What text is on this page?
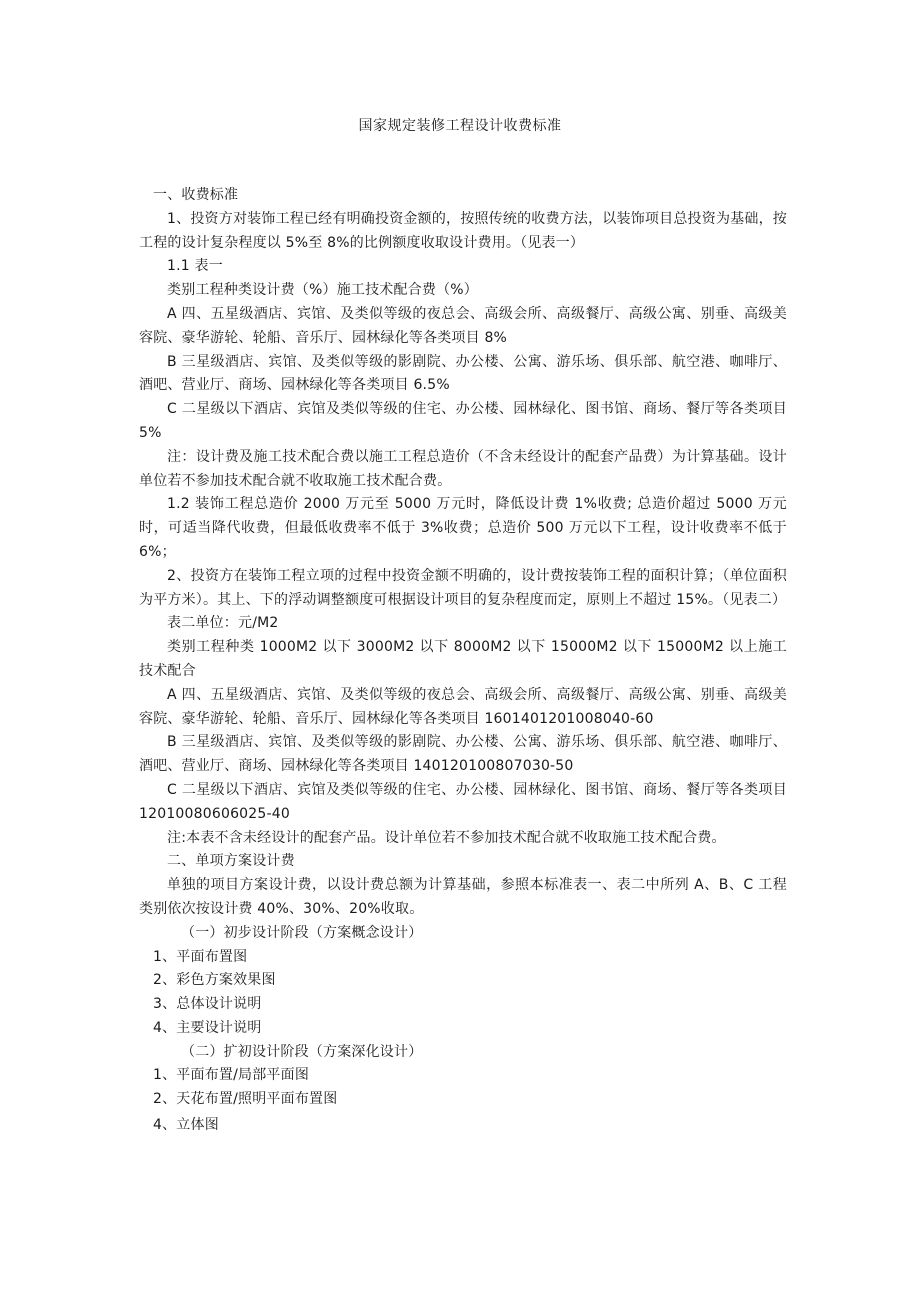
国家规定装修工程设计收费标准

一、收费标准

1、投资方对装饰工程已经有明确投资金额的，按照传统的收费方法，以装饰项目总投资为基础，按工程的设计复杂程度以 5%至 8%的比例额度收取设计费用。（见表一）

1.1 表一

类别工程种类设计费（%）施工技术配合费（%）

A 四、五星级酒店、宾馆、及类似等级的夜总会、高级会所、高级餐厅、高级公寓、别垂、高级美容院、豪华游轮、轮船、音乐厅、园林绿化等各类项目 8%

B 三星级酒店、宾馆、及类似等级的影剧院、办公楼、公寓、游乐场、俱乐部、航空港、咖啡厅、酒吧、营业厅、商场、园林绿化等各类项目 6.5%

C 二星级以下酒店、宾馆及类似等级的住宅、办公楼、园林绿化、图书馆、商场、餐厅等各类项目 5%

注：设计费及施工技术配合费以施工工程总造价（不含未经设计的配套产品费）为计算基础。设计单位若不参加技术配合就不收取施工技术配合费。

1.2 装饰工程总造价 2000 万元至 5000 万元时，降低设计费 1%收费; 总造价超过 5000 万元时，可适当降代收费，但最低收费率不低于 3%收费；总造价 500 万元以下工程，设计收费率不低于 6%；

2、投资方在装饰工程立项的过程中投资金额不明确的，设计费按装饰工程的面积计算；（单位面积为平方米）。其上、下的浮动调整额度可根据设计项目的复杂程度而定，原则上不超过 15%。（见表二）

表二单位：元/M2

类别工程种类 1000M2 以下 3000M2 以下 8000M2 以下 15000M2 以下 15000M2 以上施工技术配合

A 四、五星级酒店、宾馆、及类似等级的夜总会、高级会所、高级餐厅、高级公寓、别垂、高级美容院、豪华游轮、轮船、音乐厅、园林绿化等各类项目 1601401201008040-60

B 三星级酒店、宾馆、及类似等级的影剧院、办公楼、公寓、游乐场、俱乐部、航空港、咖啡厅、酒吧、营业厅、商场、园林绿化等各类项目 140120100807030-50

C 二星级以下酒店、宾馆及类似等级的住宅、办公楼、园林绿化、图书馆、商场、餐厅等各类项目 12010080606025-40

注:本表不含未经设计的配套产品。设计单位若不参加技术配合就不收取施工技术配合费。

二、单项方案设计费

单独的项目方案设计费，以设计费总额为计算基础，参照本标准表一、表二中所列 A、B、C 工程类别依次按设计费 40%、30%、20%收取。

（一）初步设计阶段（方案概念设计）

1、平面布置图

2、彩色方案效果图

3、总体设计说明

4、主要设计说明

（二）扩初设计阶段（方案深化设计）

1、平面布置/局部平面图

2、天花布置/照明平面布置图

4、立体图
